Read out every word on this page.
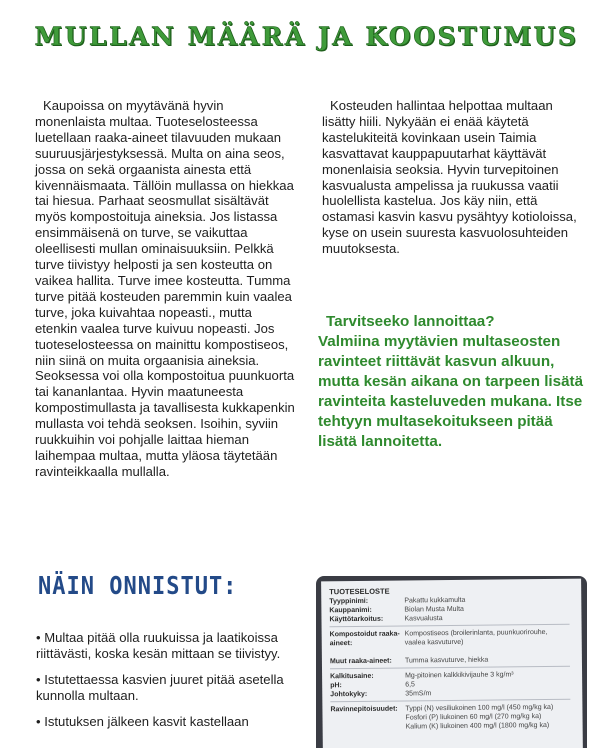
MULLAN MÄÄRÄ JA KOOSTUMUS

Kaupoissa on myytävänä hyvin monenlaista multaa. Tuoteselosteessa luetellaan raaka-aineet tilavuuden mukaan suuruusjärjestyksessä. Multa on aina seos, jossa on sekä orgaanista ainesta että kivennäismaata. Tällöin mullassa on hiekkaa tai hiesua. Parhaat seosmullat sisältävät myös kompostoituja aineksia. Jos listassa ensimmäisenä on turve, se vaikuttaa oleellisesti mullan ominaisuuksiin. Pelkkä turve tiivistyy helposti ja sen kosteutta on vaikea hallita. Turve imee kosteutta. Tumma turve pitää kosteuden paremmin kuin vaalea turve, joka kuivahtaa nopeasti., mutta etenkin vaalea turve kuivuu nopeasti. Jos tuoteselosteessa on mainittu kompostiseos, niin siinä on muita orgaanisia aineksia. Seoksessa voi olla kompostoitua puunkuorta tai kananlantaa. Hyvin maatuneesta kompostimullasta ja tavallisesta kukkapenkin mullasta voi tehdä seoksen. Isoihin, syviin ruukkuihin voi pohjalle laittaa hieman laihempaa multaa, mutta yläosa täytetään ravinteikkaalla mullalla.

Kosteuden hallintaa helpottaa multaan lisätty hiili. Nykyään ei enää käytetä kastelukiteitä kovinkaan usein Taimia kasvattavat kauppapuutarhat käyttävät monenlaisia seoksia. Hyvin turvepitoinen kasvualusta ampelissa ja ruukussa vaatii huolellista kastelua. Jos käy niin, että ostamasi kasvin kasvu pysähtyy kotioloissa, kyse on usein suuresta kasvuolosuhteiden muutoksesta.

Tarvitseeko lannoittaa?
Valmiina myytävien multaseosten ravinteet riittävät kasvun alkuun, mutta kesän aikana on tarpeen lisätä ravinteita kasteluveden mukana. Itse tehtyyn multasekoitukseen pitää lisätä lannoitetta.
NÄIN ONNISTUT:

• Multaa pitää olla ruukuissa ja laatikoissa riittävästi, koska kesän mittaan se tiivistyy.

• Istutettaessa kasvien juuret pitää asetella kunnolla multaan.

• Istutuksen jälkeen kasvit kastellaan

TUOTESELOSTE
Tyyppinimi:	Pakattu kukkamulta
Kauppanimi:	Biolan Musta Multa
Käyttötarkoitus:	Kasvualusta
Kompostoidut raaka-aineet:Kompostiseos (broilerinlanta, puunkuorirouhe, vaalea kasvuturve)
Muut raaka-aineet: Tumma kasvuturve, hiekka
Kalkitusaine:	Mg-pitoinen kalkkikivijauhe 3 kg/m³
pH:	6,5
Johtokyky:	35mS/m
Ravinnepitoisuudet: Typpi (N) vesiliukoinen 100 mg/l (450 mg/kg ka)
Fosfori (P) liukoinen 60 mg/l (270 mg/kg ka)
Kalium (K) liukoinen 400 mg/l (1800 mg/kg ka)
